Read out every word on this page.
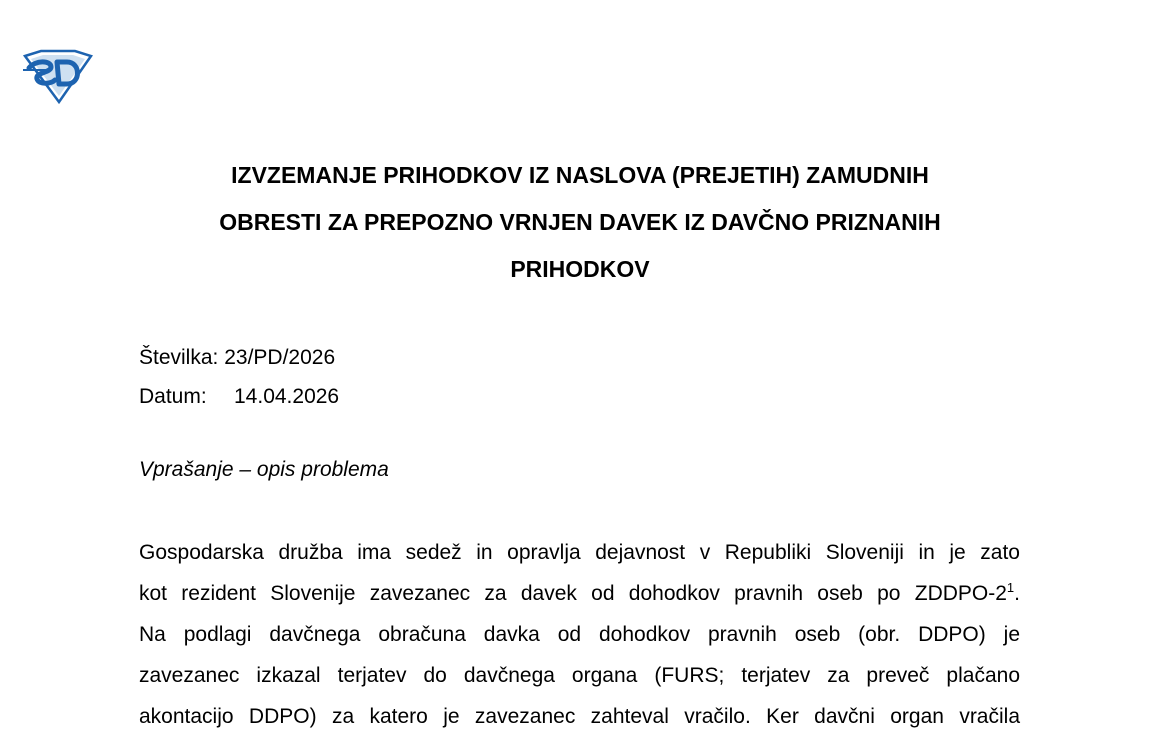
IZVZEMANJE PRIHODKOV IZ NASLOVA (PREJETIH) ZAMUDNIH
OBRESTI ZA PREPOZNO VRNJEN DAVEK IZ DAVČNO PRIZNANIH
PRIHODKOV
Številka: 23/PD/2026
Datum: 14.04.2026
Vprašanje – opis problema
Gospodarska družba ima sedež in opravlja dejavnost v Republiki Sloveniji in je zato
kot rezident Slovenije zavezanec za davek od dohodkov pravnih oseb po ZDDPO-$2^1$.
Na podlagi davčnega obračuna davka od dohodkov pravnih oseb (obr. DDPO) je
zavezanec izkazal terjatev do davčnega organa (FURS; terjatev za preveč plačano
akontacijo DDPO) za katero je zavezanec zahteval vračilo. Ker davčni organ vračila
